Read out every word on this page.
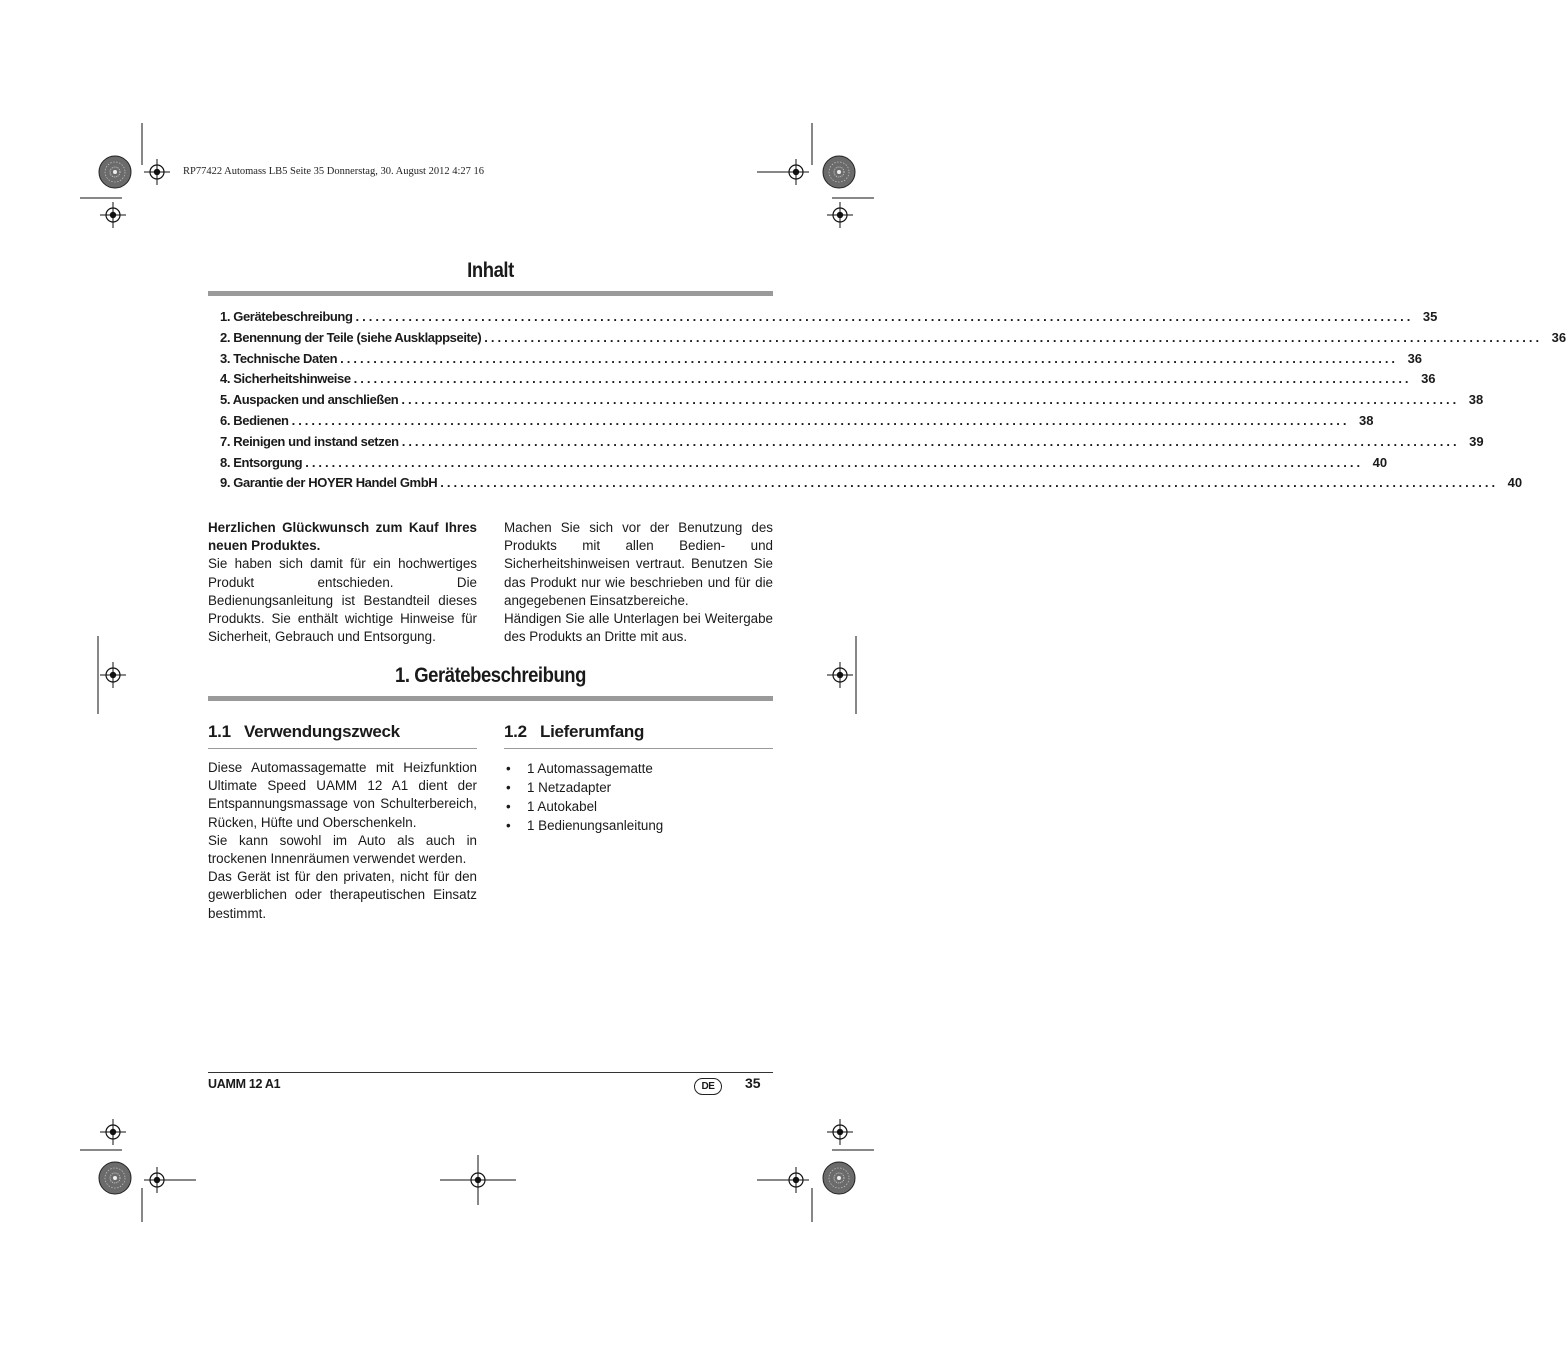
RP77422 Automass LB5 Seite 35 Donnerstag, 30. August 2012 4:27 16
Inhalt
1. Gerätebeschreibung ................................................................................................................................................................ 35
2. Benennung der Teile (siehe Ausklappseite) ................................................................................................................................................................ 36
3. Technische Daten ................................................................................................................................................................ 36
4. Sicherheitshinweise ................................................................................................................................................................ 36
5. Auspacken und anschließen ................................................................................................................................................................ 38
6. Bedienen ................................................................................................................................................................ 38
7. Reinigen und instand setzen ................................................................................................................................................................ 39
8. Entsorgung ................................................................................................................................................................ 40
9. Garantie der HOYER Handel GmbH ................................................................................................................................................................ 40

Herzlichen Glückwunsch zum Kauf Ihres neuen Produktes.

Sie haben sich damit für ein hochwertiges Produkt entschieden. Die Bedienungsanleitung ist Bestandteil dieses Produkts. Sie enthält wichtige Hinweise für Sicherheit, Gebrauch und Entsorgung.

Machen Sie sich vor der Benutzung des Produkts mit allen Bedien- und Sicherheitshinweisen vertraut. Benutzen Sie das Produkt nur wie beschrieben und für die angegebenen Einsatzbereiche.

Händigen Sie alle Unterlagen bei Weitergabe des Produkts an Dritte mit aus.

1. Gerätebeschreibung
1.1 Verwendungszweck

Diese Automassagematte mit Heizfunktion Ultimate Speed UAMM 12 A1 dient der Entspannungsmassage von Schulterbereich, Rücken, Hüfte und Oberschenkeln.

Sie kann sowohl im Auto als auch in trockenen Innenräumen verwendet werden.

Das Gerät ist für den privaten, nicht für den gewerblichen oder therapeutischen Einsatz bestimmt.

1.2 Lieferumfang
• 1 Automassagematte
• 1 Netzadapter
• 1 Autokabel
• 1 Bedienungsanleitung
UAMM 12 A1	DE	35
